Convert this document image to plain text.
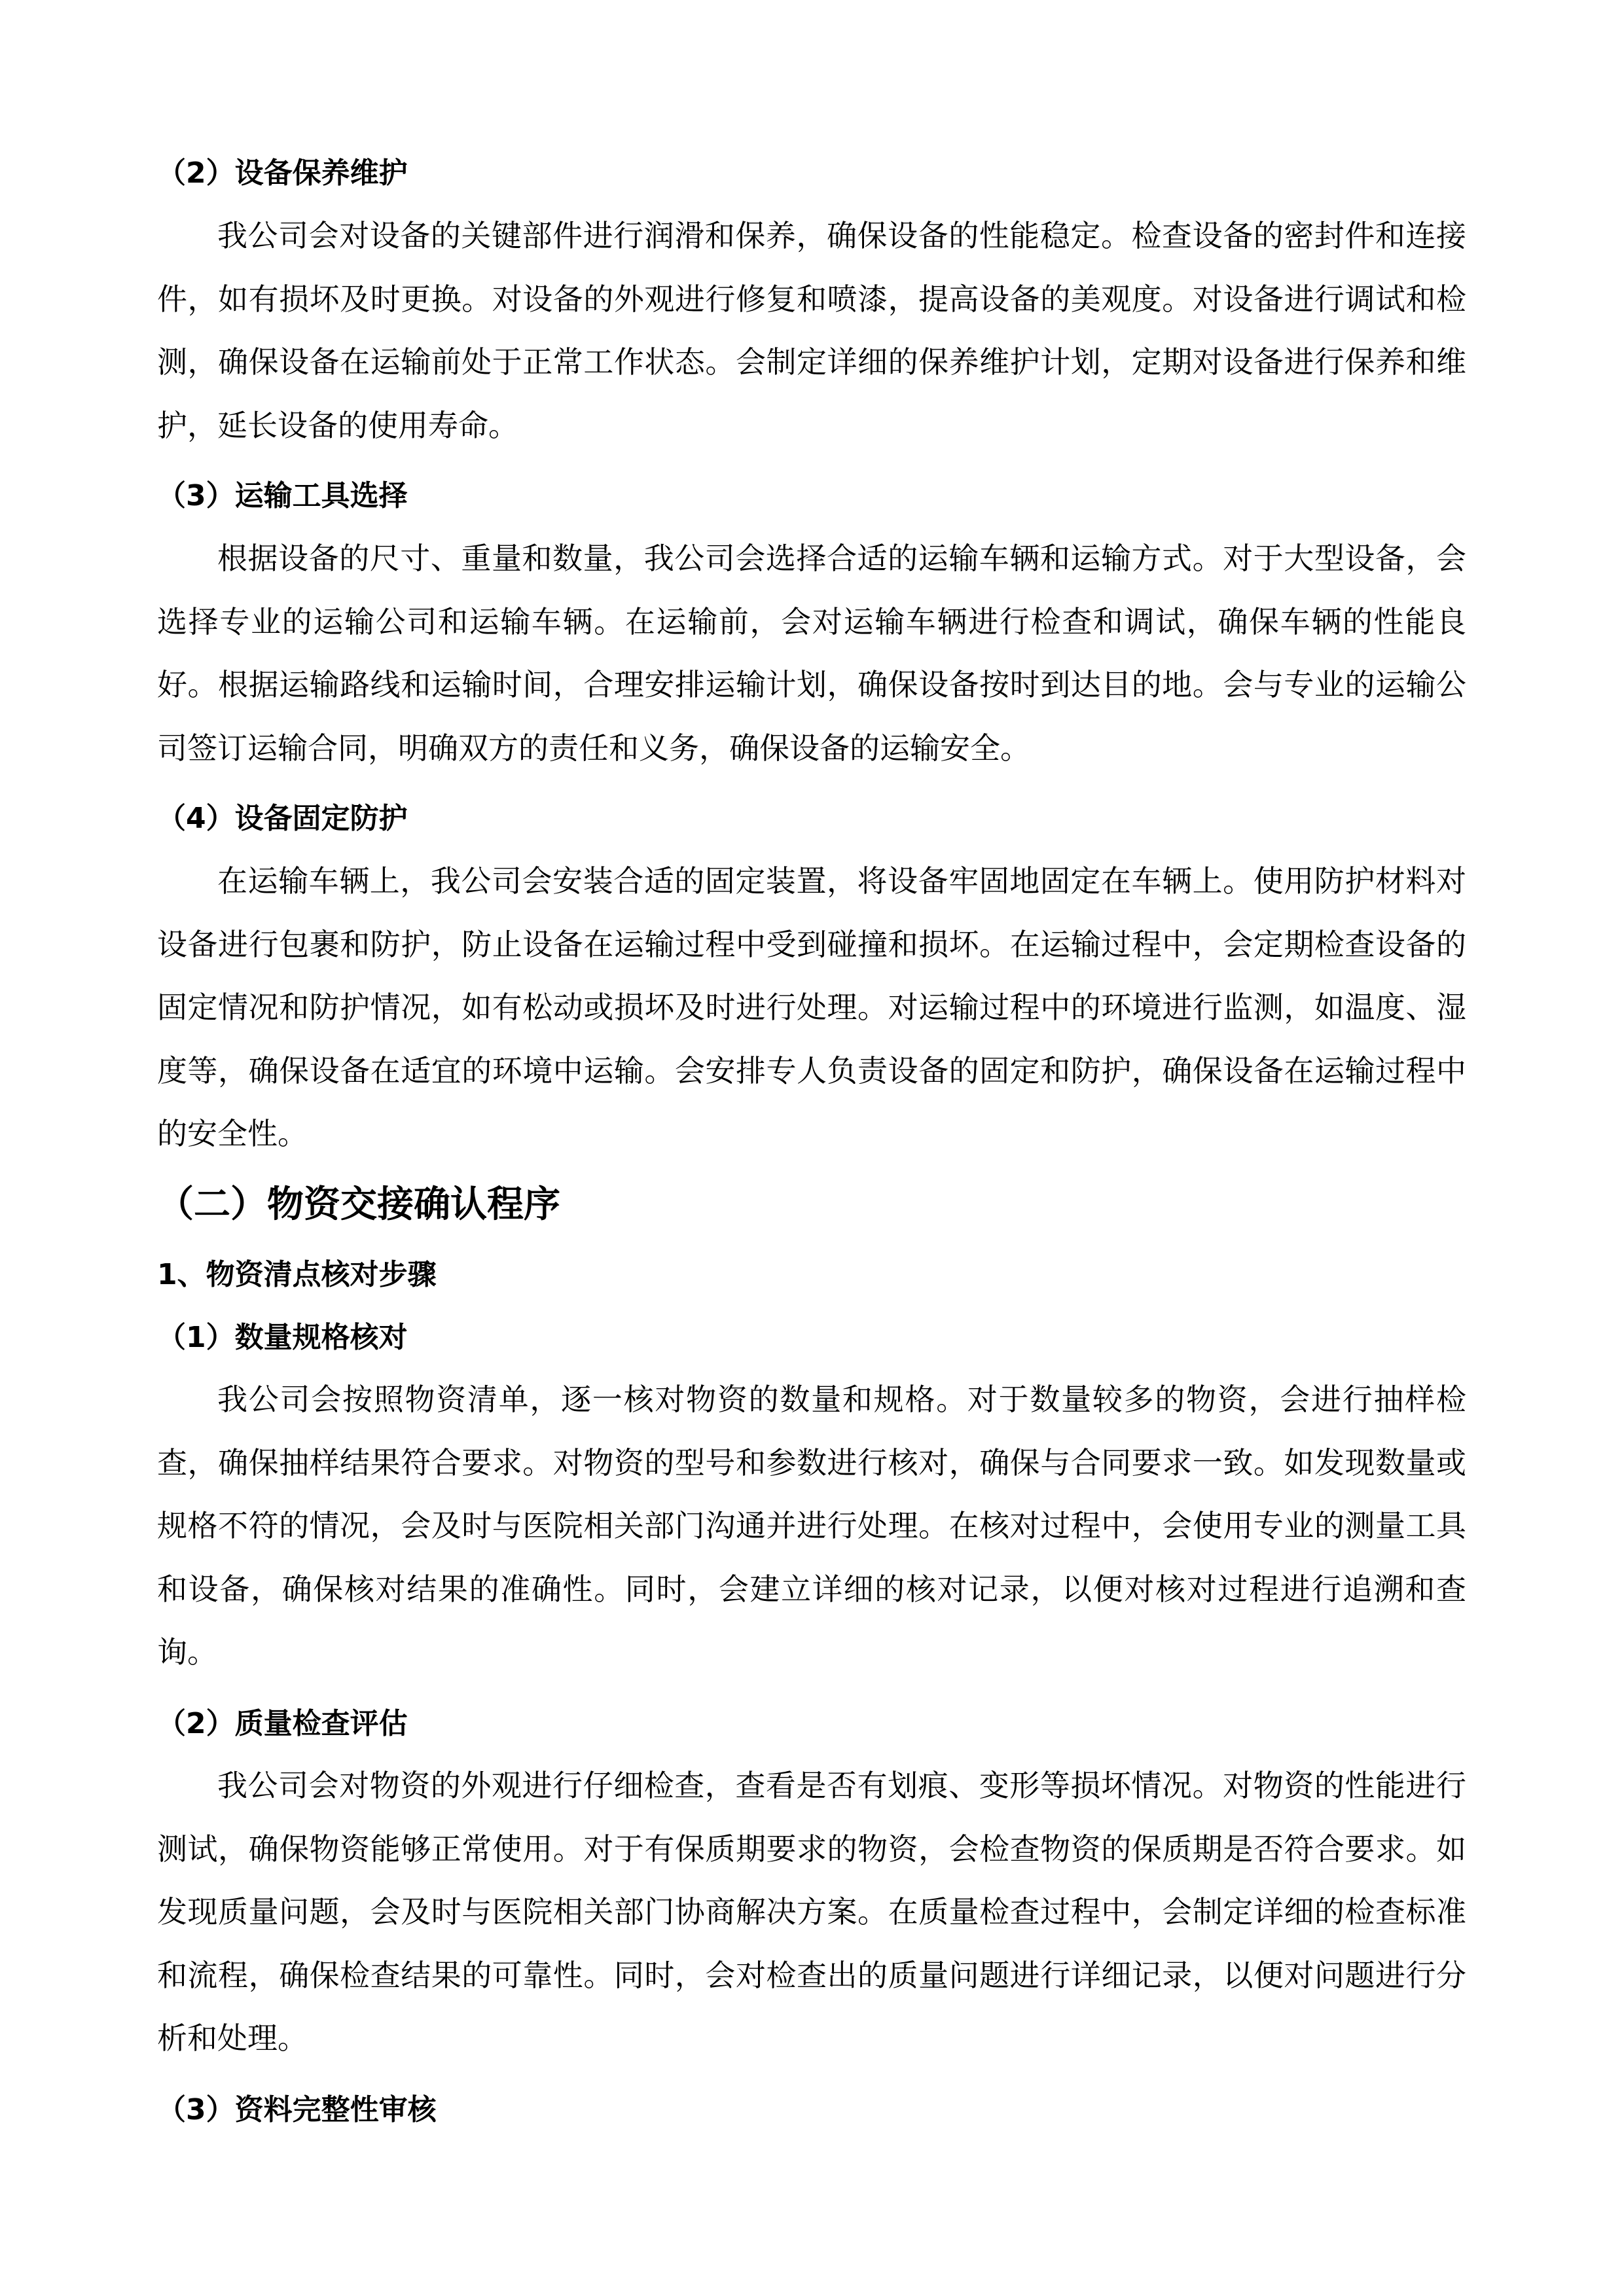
（2）设备保养维护

我公司会对设备的关键部件进行润滑和保养，确保设备的性能稳定。检查设备的密封件和连接件，如有损坏及时更换。对设备的外观进行修复和喷漆，提高设备的美观度。对设备进行调试和检测，确保设备在运输前处于正常工作状态。会制定详细的保养维护计划，定期对设备进行保养和维护，延长设备的使用寿命。

（3）运输工具选择

根据设备的尺寸、重量和数量，我公司会选择合适的运输车辆和运输方式。对于大型设备，会选择专业的运输公司和运输车辆。在运输前，会对运输车辆进行检查和调试，确保车辆的性能良好。根据运输路线和运输时间，合理安排运输计划，确保设备按时到达目的地。会与专业的运输公司签订运输合同，明确双方的责任和义务，确保设备的运输安全。

（4）设备固定防护

在运输车辆上，我公司会安装合适的固定装置，将设备牢固地固定在车辆上。使用防护材料对设备进行包裹和防护，防止设备在运输过程中受到碰撞和损坏。在运输过程中，会定期检查设备的固定情况和防护情况，如有松动或损坏及时进行处理。对运输过程中的环境进行监测，如温度、湿度等，确保设备在适宜的环境中运输。会安排专人负责设备的固定和防护，确保设备在运输过程中的安全性。

（二）物资交接确认程序
1、物资清点核对步骤
（1）数量规格核对

我公司会按照物资清单，逐一核对物资的数量和规格。对于数量较多的物资，会进行抽样检查，确保抽样结果符合要求。对物资的型号和参数进行核对，确保与合同要求一致。如发现数量或规格不符的情况，会及时与医院相关部门沟通并进行处理。在核对过程中，会使用专业的测量工具和设备，确保核对结果的准确性。同时，会建立详细的核对记录，以便对核对过程进行追溯和查询。

（2）质量检查评估

我公司会对物资的外观进行仔细检查，查看是否有划痕、变形等损坏情况。对物资的性能进行测试，确保物资能够正常使用。对于有保质期要求的物资，会检查物资的保质期是否符合要求。如发现质量问题，会及时与医院相关部门协商解决方案。在质量检查过程中，会制定详细的检查标准和流程，确保检查结果的可靠性。同时，会对检查出的质量问题进行详细记录，以便对问题进行分析和处理。

（3）资料完整性审核
